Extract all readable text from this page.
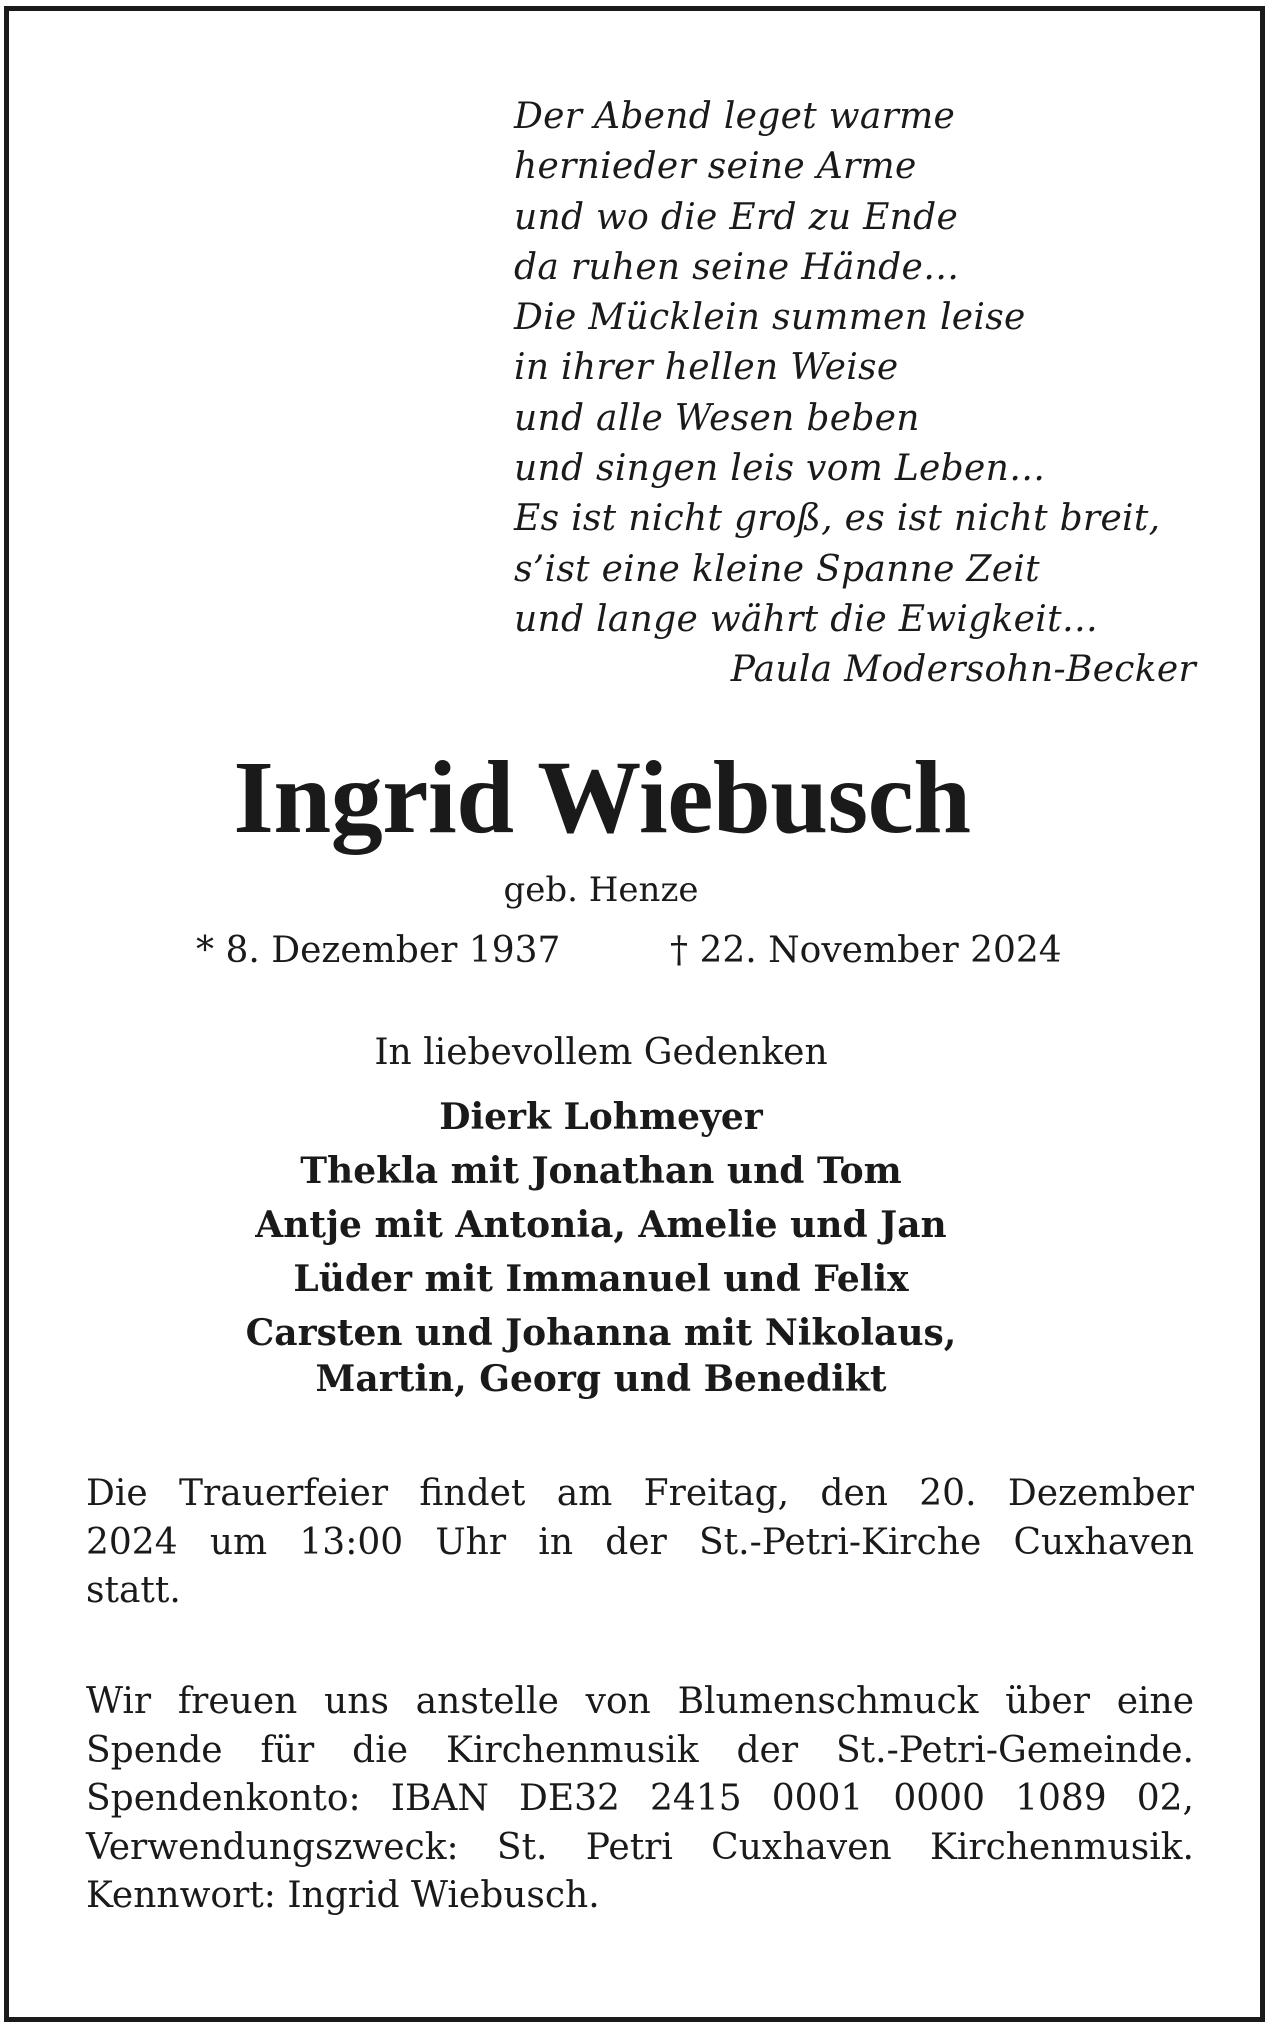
Der Abend leget warme
hernieder seine Arme
und wo die Erd zu Ende
da ruhen seine Hände…
Die Mücklein summen leise
in ihrer hellen Weise
und alle Wesen beben
und singen leis vom Leben…
Es ist nicht groß, es ist nicht breit,
s’ist eine kleine Spanne Zeit
und lange währt die Ewigkeit…
Paula Modersohn-Becker
Ingrid Wiebusch
geb. Henze
* 8. Dezember 1937	† 22. November 2024
In liebevollem Gedenken
Dierk Lohmeyer
Thekla mit Jonathan und Tom
Antje mit Antonia, Amelie und Jan
Lüder mit Immanuel und Felix
Carsten und Johanna mit Nikolaus,
Martin, Georg und Benedikt
Die Trauerfeier findet am Freitag, den 20. Dezember
2024 um 13:00 Uhr in der St.-Petri-Kirche Cuxhaven
statt.
Wir freuen uns anstelle von Blumenschmuck über eine
Spende für die Kirchenmusik der St.-Petri-Gemeinde.
Spendenkonto: IBAN DE32 2415 0001 0000 1089 02,
Verwendungszweck: St. Petri Cuxhaven Kirchenmusik.
Kennwort: Ingrid Wiebusch.
